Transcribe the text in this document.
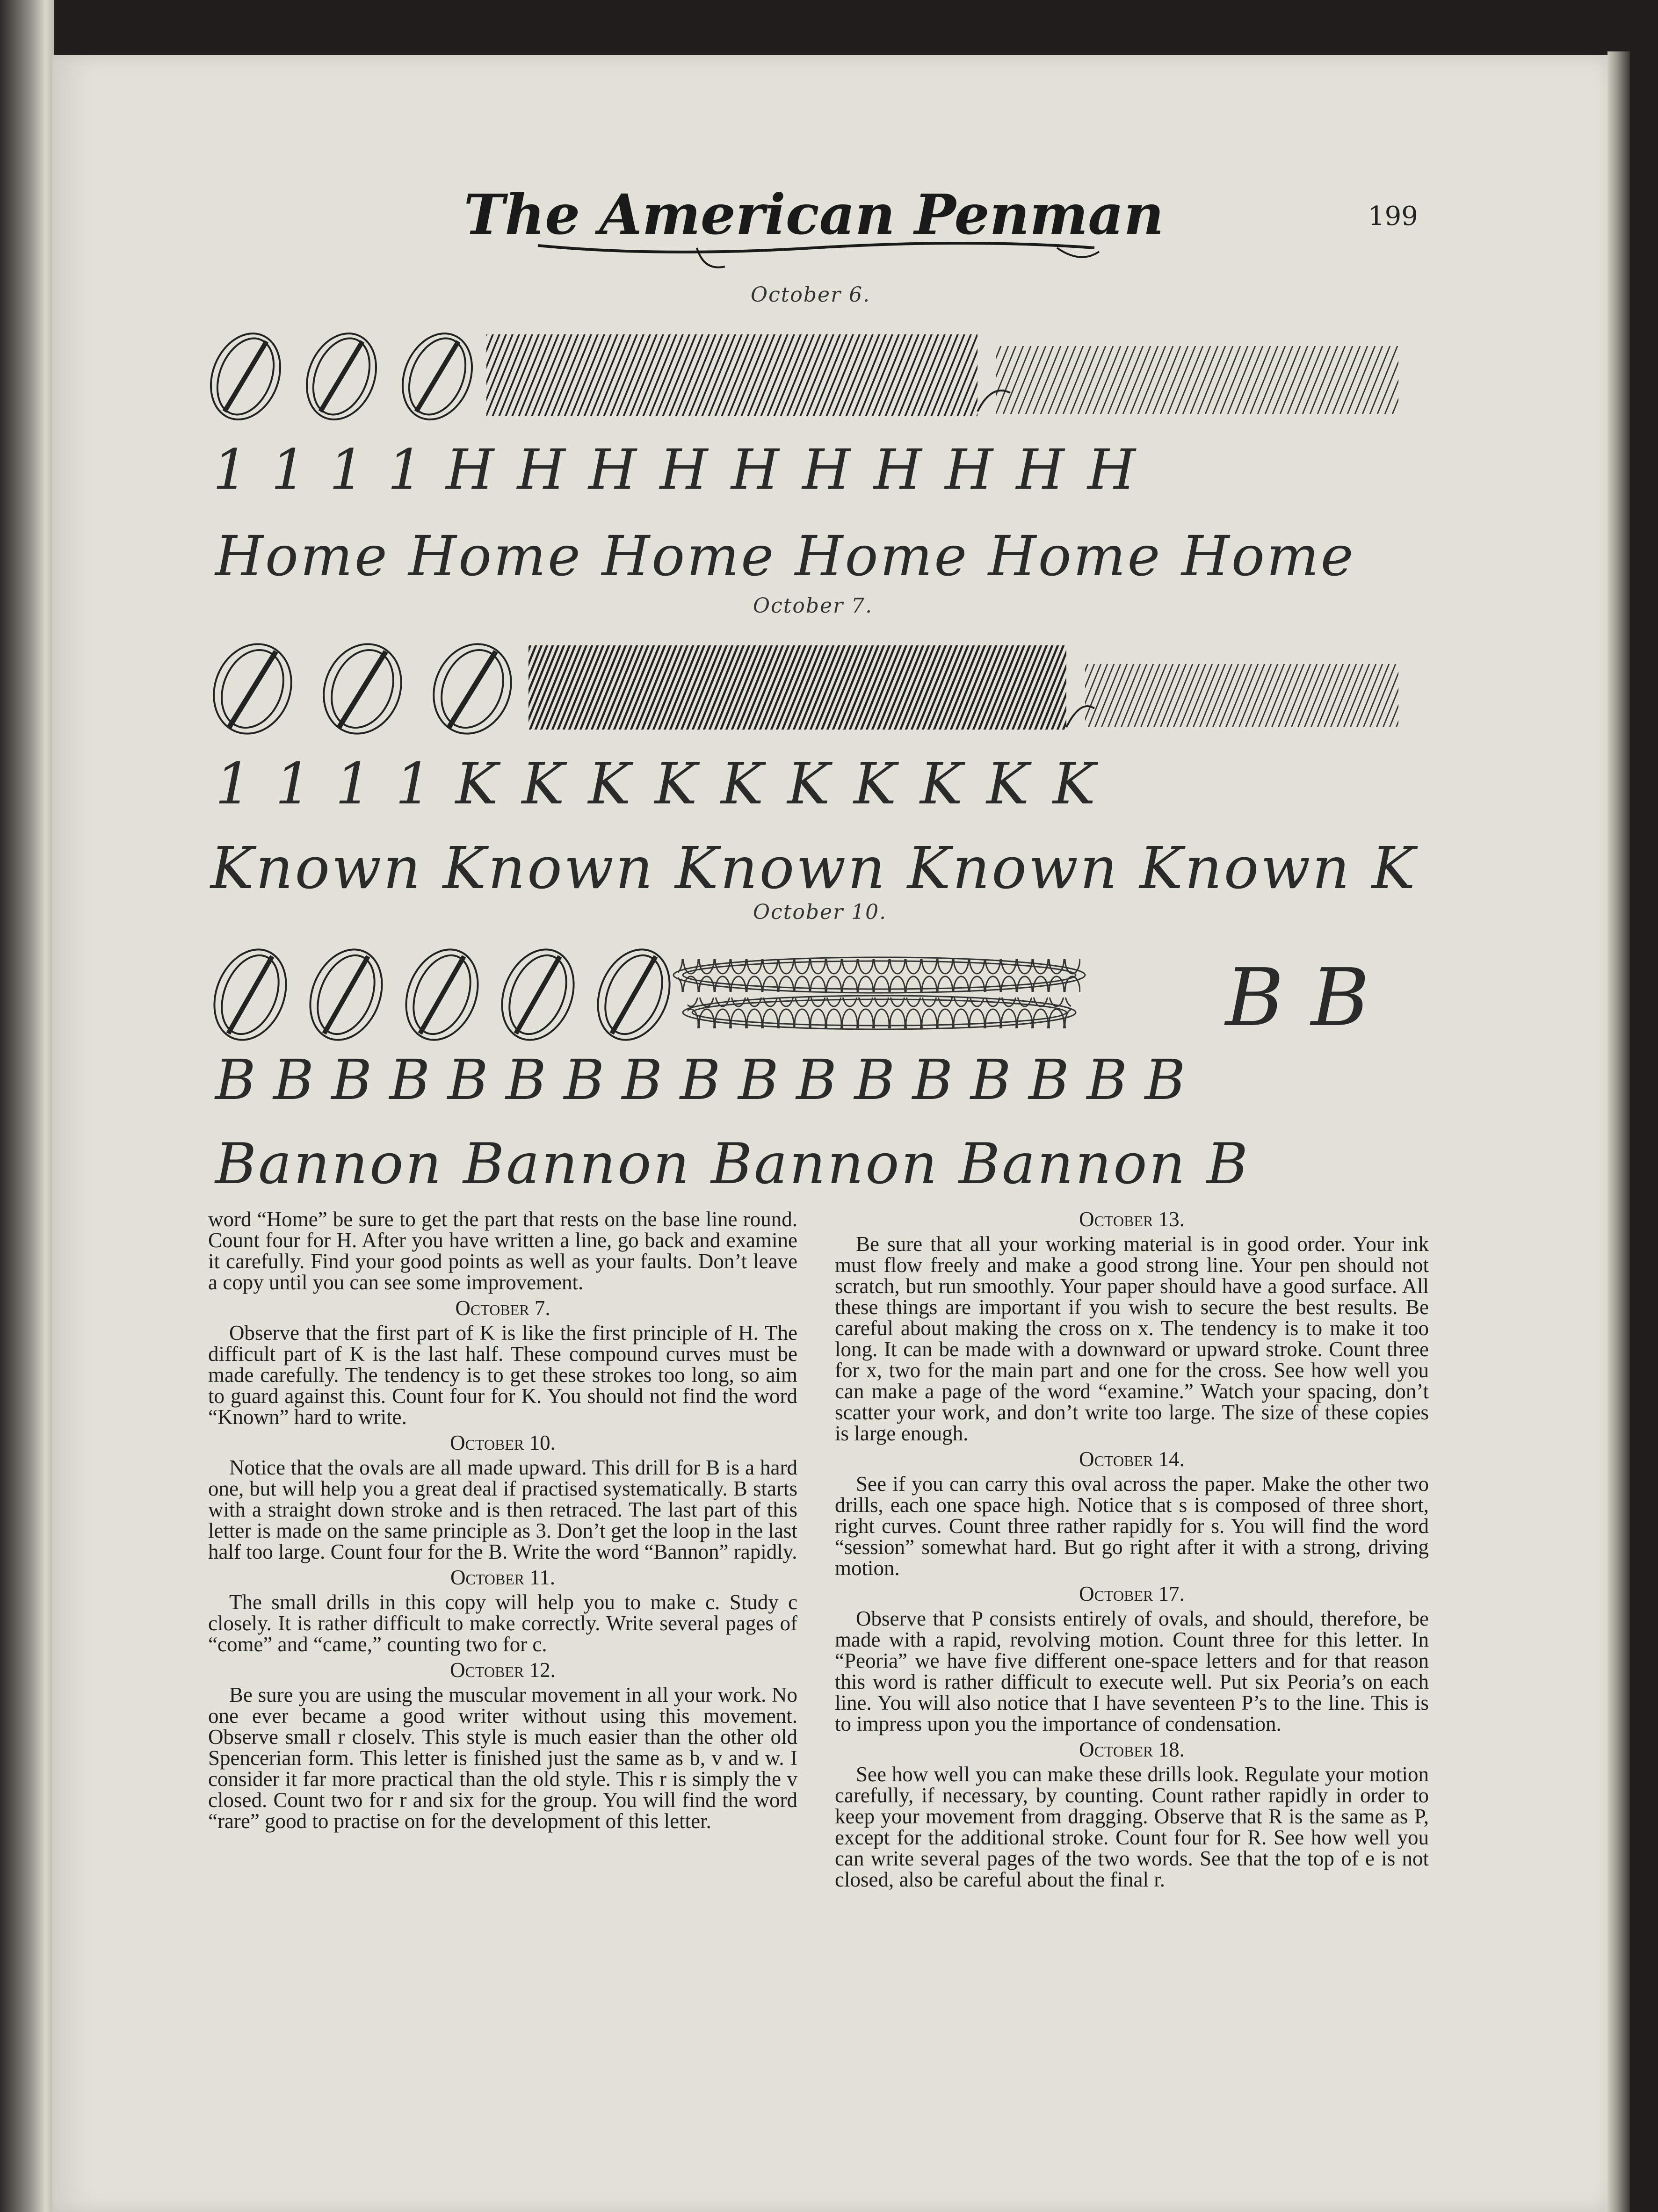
The American Penman	199
October 6.
1 1 1 1 H H H H H H H H H H
Home Home Home Home Home Home
October 7.
1 1 1 1 K K K K K K K K K K
Known Known Known Known Known K
October 10.
B B
B B B B B B B B B B B B B B B B B
Bannon Bannon Bannon Bannon B

word “Home” be sure to get the part that rests on the base line round. Count four for H. After you have written a line, go back and examine it carefully. Find your good points as well as your faults. Don’t leave a copy until you can see some improvement.

October 7.

Observe that the first part of K is like the first principle of H. The difficult part of K is the last half. These compound curves must be made carefully. The tendency is to get these strokes too long, so aim to guard against this. Count four for K. You should not find the word “Known” hard to write.

October 10.

Notice that the ovals are all made upward. This drill for B is a hard one, but will help you a great deal if practised systematically. B starts with a straight down stroke and is then retraced. The last part of this letter is made on the same principle as 3. Don’t get the loop in the last half too large. Count four for the B. Write the word “Bannon” rapidly.

October 11.

The small drills in this copy will help you to make c. Study c closely. It is rather difficult to make correctly. Write several pages of “come” and “came,” counting two for c.

October 12.

Be sure you are using the muscular movement in all your work. No one ever became a good writer without using this movement. Observe small r closelv. This style is much easier than the other old Spencerian form. This letter is finished just the same as b, v and w. I consider it far more practical than the old style. This r is simply the v closed. Count two for r and six for the group. You will find the word “rare” good to practise on for the development of this letter.

October 13.

Be sure that all your working material is in good order. Your ink must flow freely and make a good strong line. Your pen should not scratch, but run smoothly. Your paper should have a good surface. All these things are important if you wish to secure the best results. Be careful about making the cross on x. The tendency is to make it too long. It can be made with a downward or upward stroke. Count three for x, two for the main part and one for the cross. See how well you can make a page of the word “examine.” Watch your spacing, don’t scatter your work, and don’t write too large. The size of these copies is large enough.

October 14.

See if you can carry this oval across the paper. Make the other two drills, each one space high. Notice that s is composed of three short, right curves. Count three rather rapidly for s. You will find the word “session” somewhat hard. But go right after it with a strong, driving motion.

October 17.

Observe that P consists entirely of ovals, and should, therefore, be made with a rapid, revolving motion. Count three for this letter. In “Peoria” we have five different one-space letters and for that reason this word is rather difficult to execute well. Put six Peoria’s on each line. You will also notice that I have seventeen P’s to the line. This is to impress upon you the importance of condensation.

October 18.

See how well you can make these drills look. Regulate your motion carefully, if necessary, by counting. Count rather rapidly in order to keep your movement from dragging. Observe that R is the same as P, except for the additional stroke. Count four for R. See how well you can write several pages of the two words. See that the top of e is not closed, also be careful about the final r.
